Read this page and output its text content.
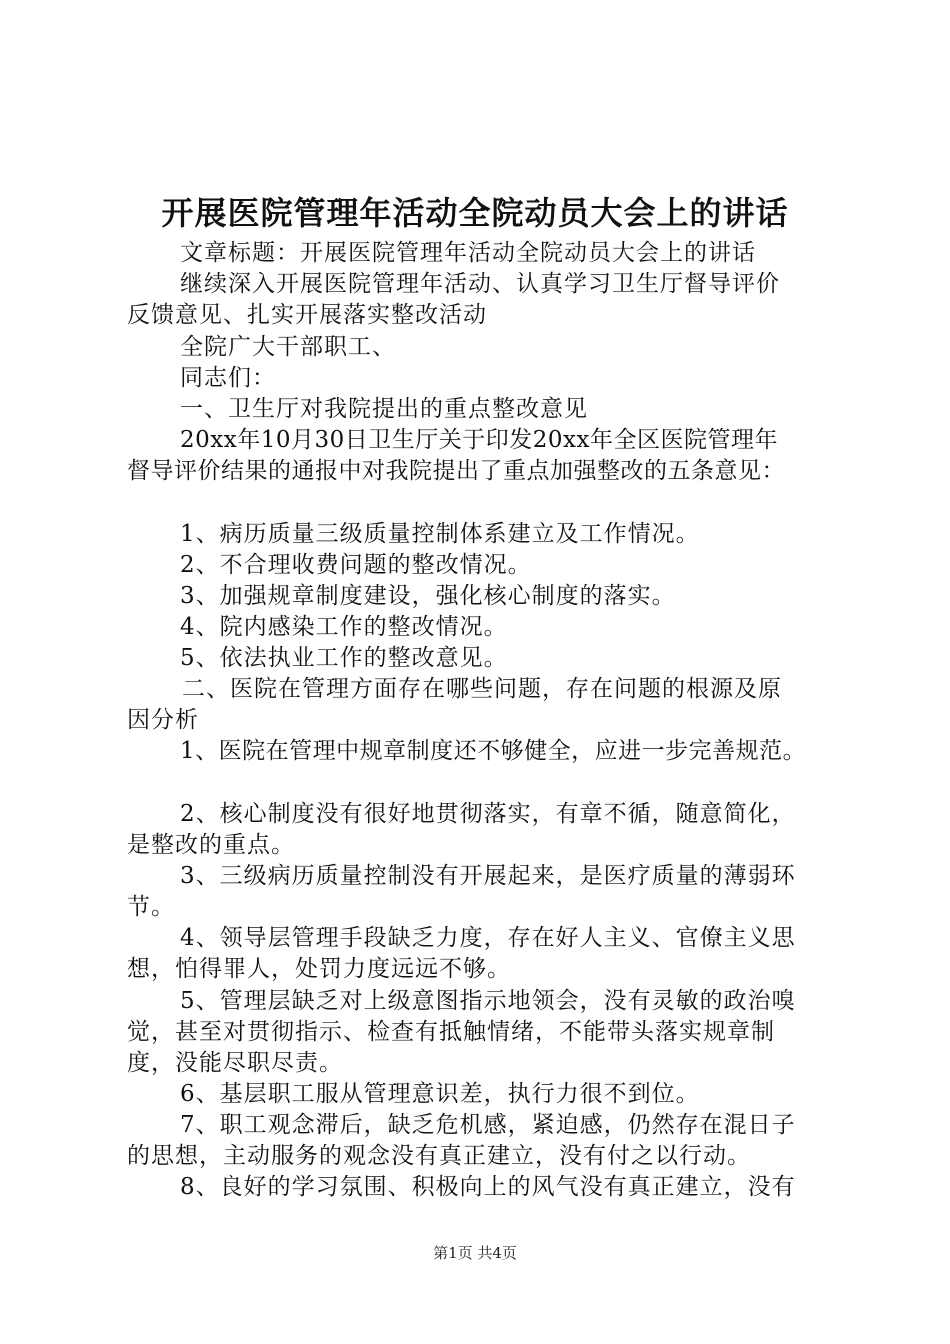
开展医院管理年活动全院动员大会上的讲话
文章标题：开展医院管理年活动全院动员大会上的讲话
继续深入开展医院管理年活动、认真学习卫生厅督导评价
反馈意见、扎实开展落实整改活动
全院广大干部职工、
同志们：
一、卫生厅对我院提出的重点整改意见
20xx年10月30日卫生厅关于印发20xx年全区医院管理年
督导评价结果的通报中对我院提出了重点加强整改的五条意见：
1、病历质量三级质量控制体系建立及工作情况。
2、不合理收费问题的整改情况。
3、加强规章制度建设，强化核心制度的落实。
4、院内感染工作的整改情况。
5、依法执业工作的整改意见。
二、医院在管理方面存在哪些问题，存在问题的根源及原
因分析
1、医院在管理中规章制度还不够健全，应进一步完善规范。
2、核心制度没有很好地贯彻落实，有章不循，随意简化，
是整改的重点。
3、三级病历质量控制没有开展起来，是医疗质量的薄弱环
节。
4、领导层管理手段缺乏力度，存在好人主义、官僚主义思
想，怕得罪人，处罚力度远远不够。
5、管理层缺乏对上级意图指示地领会，没有灵敏的政治嗅
觉，甚至对贯彻指示、检查有抵触情绪，不能带头落实规章制
度，没能尽职尽责。
6、基层职工服从管理意识差，执行力很不到位。
7、职工观念滞后，缺乏危机感，紧迫感，仍然存在混日子
的思想，主动服务的观念没有真正建立，没有付之以行动。
8、良好的学习氛围、积极向上的风气没有真正建立，没有
第1页 共4页
